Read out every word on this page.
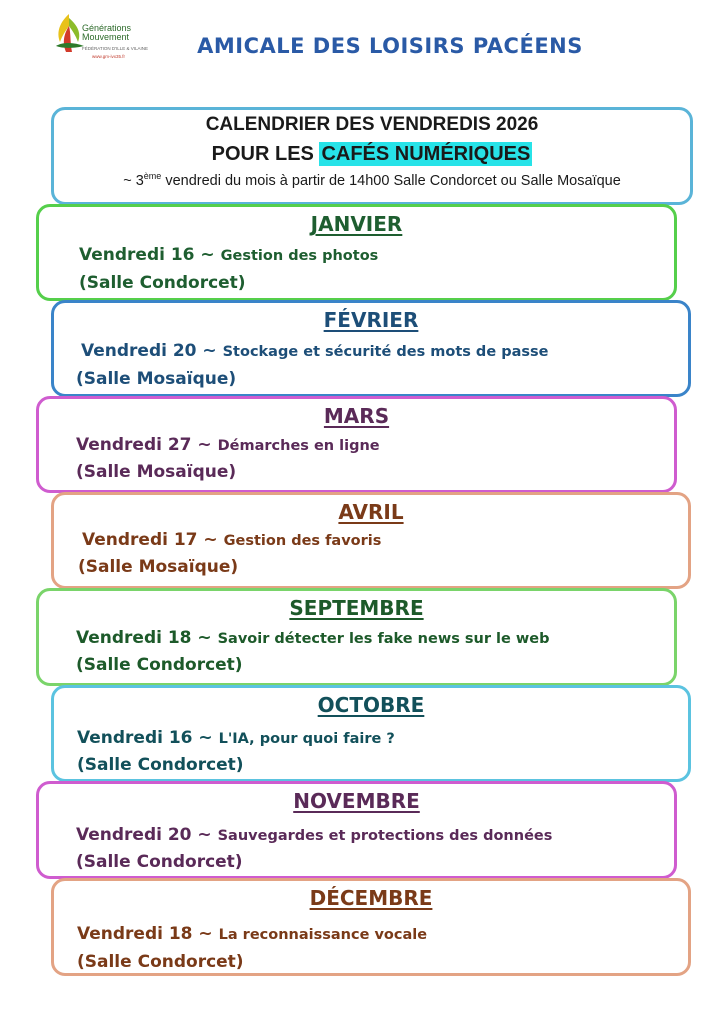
Générations
Mouvement
FÉDÉRATION D'ILLE & VILAINE
www.gm-ivx35.fr	AMICALE DES LOISIRS PACÉENS
CALENDRIER DES VENDREDIS 2026
POUR LES CAFÉS NUMÉRIQUES
~ 3ème vendredi du mois à partir de 14h00 Salle Condorcet ou Salle Mosaïque
JANVIER
Vendredi 16 ~ Gestion des photos
(Salle Condorcet)
FÉVRIER
Vendredi 20 ~ Stockage et sécurité des mots de passe
(Salle Mosaïque)
MARS
Vendredi 27 ~ Démarches en ligne
(Salle Mosaïque)
AVRIL
Vendredi 17 ~ Gestion des favoris
(Salle Mosaïque)
SEPTEMBRE
Vendredi 18 ~ Savoir détecter les fake news sur le web
(Salle Condorcet)
OCTOBRE
Vendredi 16 ~ L'IA, pour quoi faire ?
(Salle Condorcet)
NOVEMBRE
Vendredi 20 ~ Sauvegardes et protections des données
(Salle Condorcet)
DÉCEMBRE
Vendredi 18 ~ La reconnaissance vocale
(Salle Condorcet)
